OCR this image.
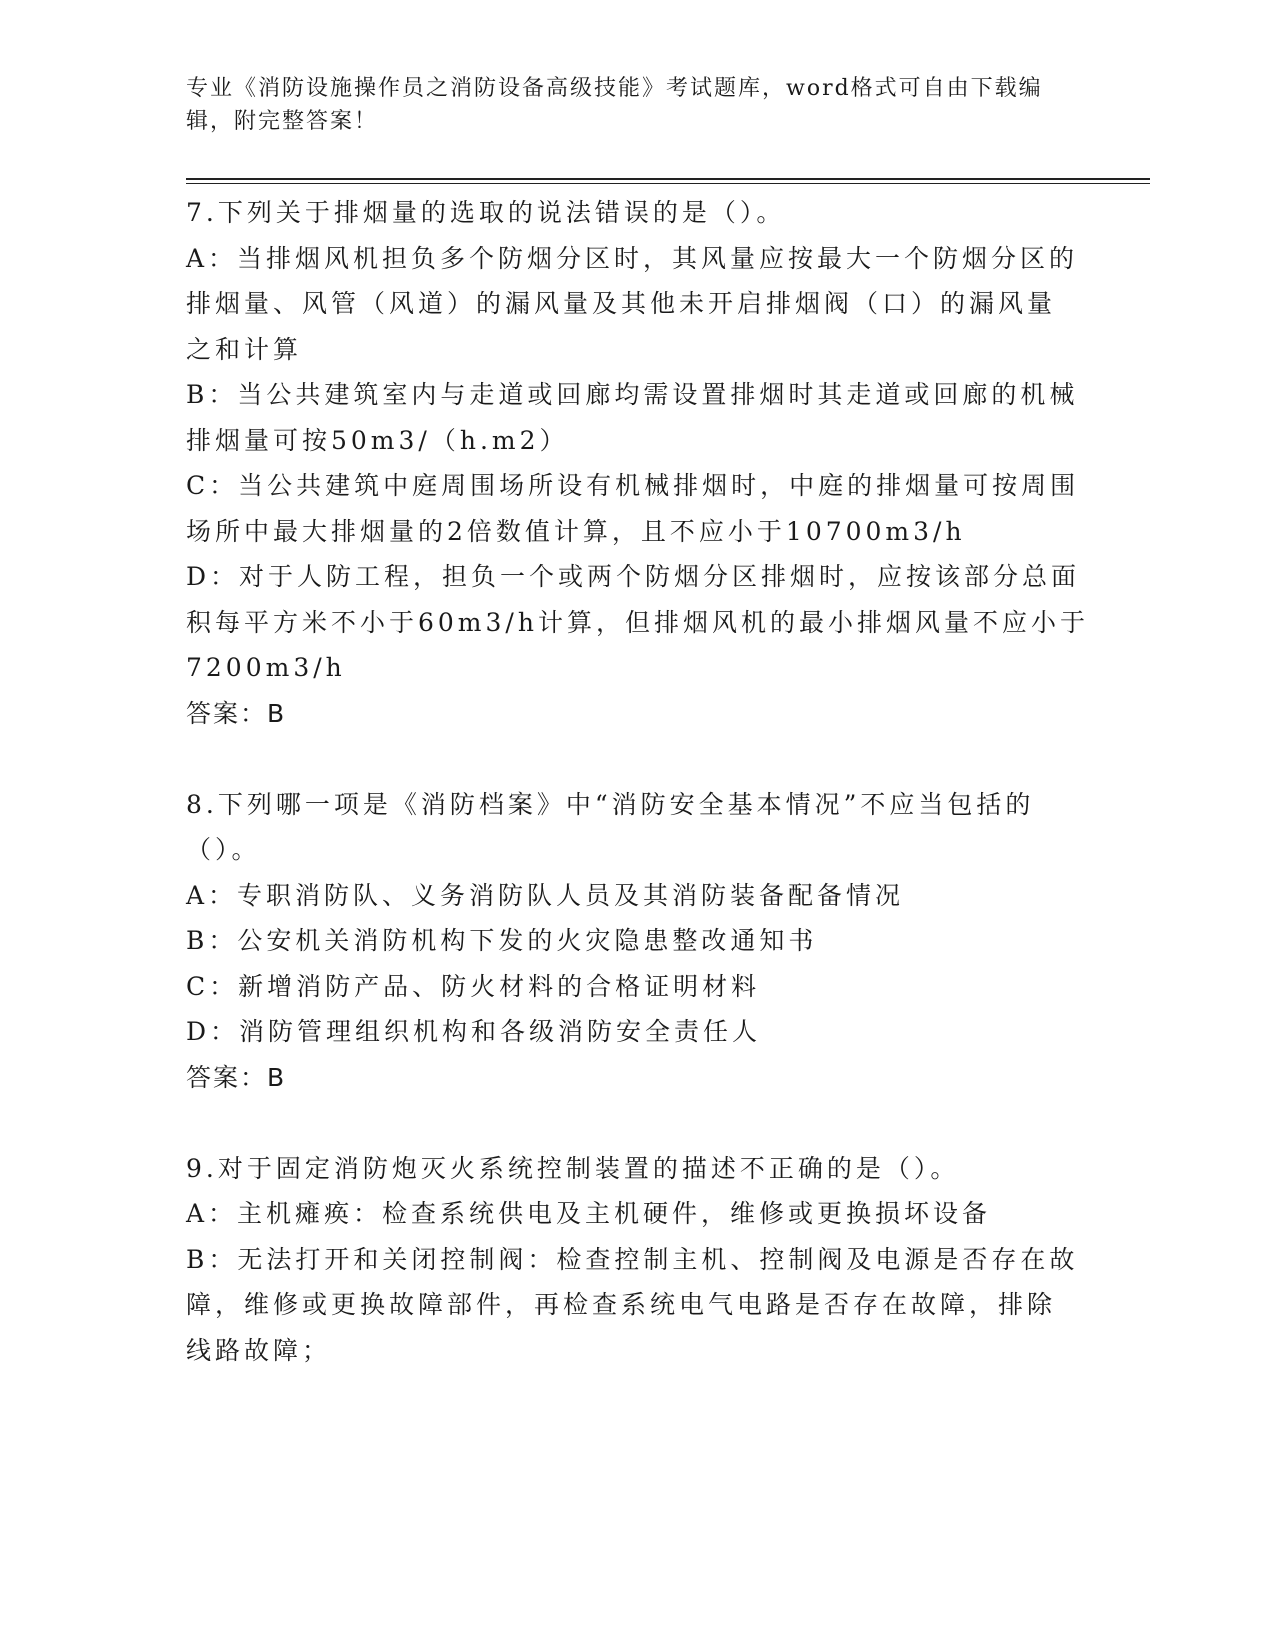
专业《消防设施操作员之消防设备高级技能》考试题库，word格式可自由下载编
辑，附完整答案！
7.下列关于排烟量的选取的说法错误的是（）。
A：当排烟风机担负多个防烟分区时，其风量应按最大一个防烟分区的
排烟量、风管（风道）的漏风量及其他未开启排烟阀（口）的漏风量
之和计算
B：当公共建筑室内与走道或回廊均需设置排烟时其走道或回廊的机械
排烟量可按50m3/（h.m2）
C：当公共建筑中庭周围场所设有机械排烟时，中庭的排烟量可按周围
场所中最大排烟量的2倍数值计算，且不应小于10700m3/h
D：对于人防工程，担负一个或两个防烟分区排烟时，应按该部分总面
积每平方米不小于60m3/h计算，但排烟风机的最小排烟风量不应小于
7200m3/h
答案：B
8.下列哪一项是《消防档案》中“消防安全基本情况”不应当包括的
（）。
A：专职消防队、义务消防队人员及其消防装备配备情况
B：公安机关消防机构下发的火灾隐患整改通知书
C：新增消防产品、防火材料的合格证明材料
D：消防管理组织机构和各级消防安全责任人
答案：B
9.对于固定消防炮灭火系统控制装置的描述不正确的是（）。
A：主机瘫痪：检查系统供电及主机硬件，维修或更换损坏设备
B：无法打开和关闭控制阀：检查控制主机、控制阀及电源是否存在故
障，维修或更换故障部件，再检查系统电气电路是否存在故障，排除
线路故障；
